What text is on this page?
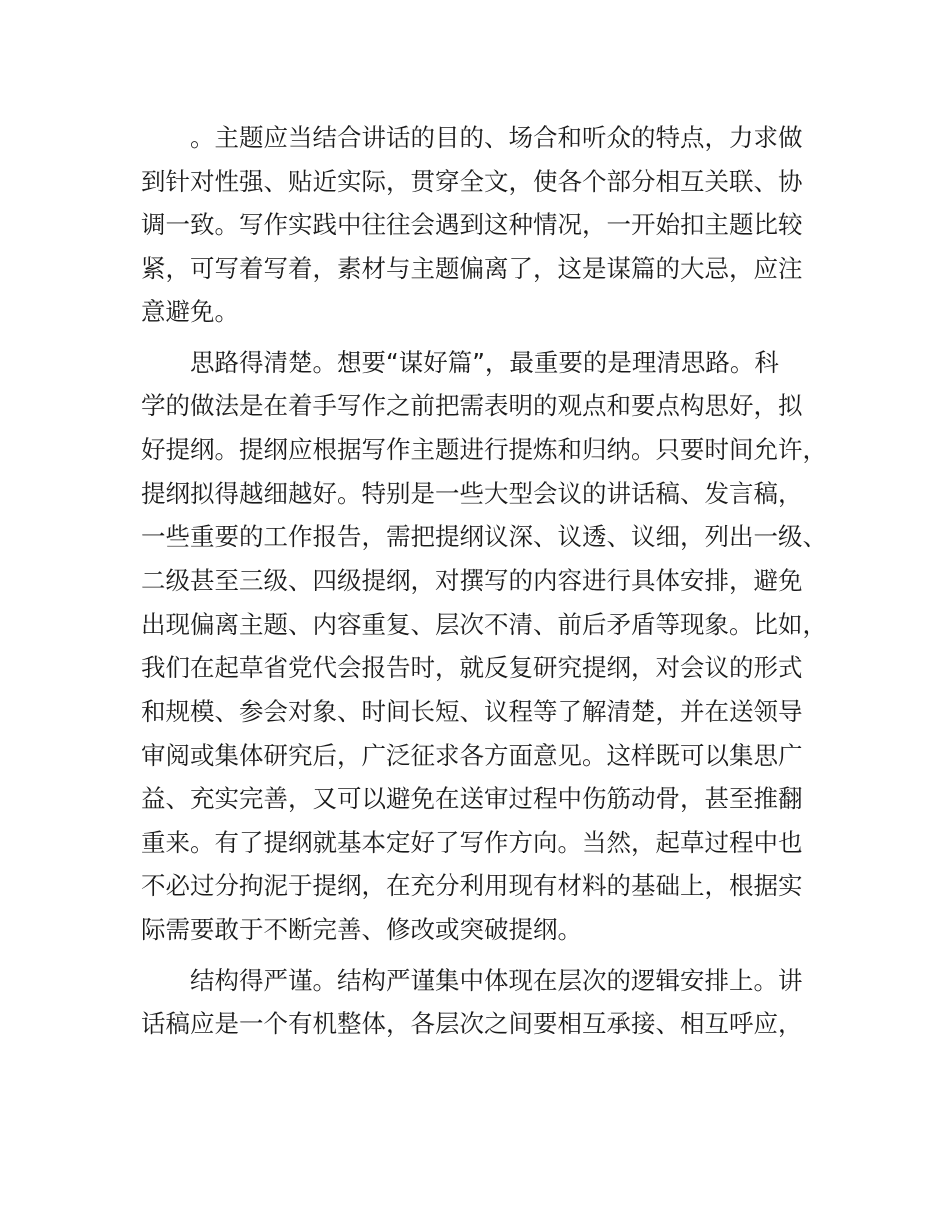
。主题应当结合讲话的目的、场合和听众的特点，力求做
到针对性强、贴近实际，贯穿全文，使各个部分相互关联、协
调一致。写作实践中往往会遇到这种情况，一开始扣主题比较
紧，可写着写着，素材与主题偏离了，这是谋篇的大忌，应注
意避免。
思路得清楚。想要“谋好篇”，最重要的是理清思路。科
学的做法是在着手写作之前把需表明的观点和要点构思好，拟
好提纲。提纲应根据写作主题进行提炼和归纳。只要时间允许，
提纲拟得越细越好。特别是一些大型会议的讲话稿、发言稿，
一些重要的工作报告，需把提纲议深、议透、议细，列出一级、
二级甚至三级、四级提纲，对撰写的内容进行具体安排，避免
出现偏离主题、内容重复、层次不清、前后矛盾等现象。比如，
我们在起草省党代会报告时，就反复研究提纲，对会议的形式
和规模、参会对象、时间长短、议程等了解清楚，并在送领导
审阅或集体研究后，广泛征求各方面意见。这样既可以集思广
益、充实完善，又可以避免在送审过程中伤筋动骨，甚至推翻
重来。有了提纲就基本定好了写作方向。当然，起草过程中也
不必过分拘泥于提纲，在充分利用现有材料的基础上，根据实
际需要敢于不断完善、修改或突破提纲。
结构得严谨。结构严谨集中体现在层次的逻辑安排上。讲
话稿应是一个有机整体，各层次之间要相互承接、相互呼应，
